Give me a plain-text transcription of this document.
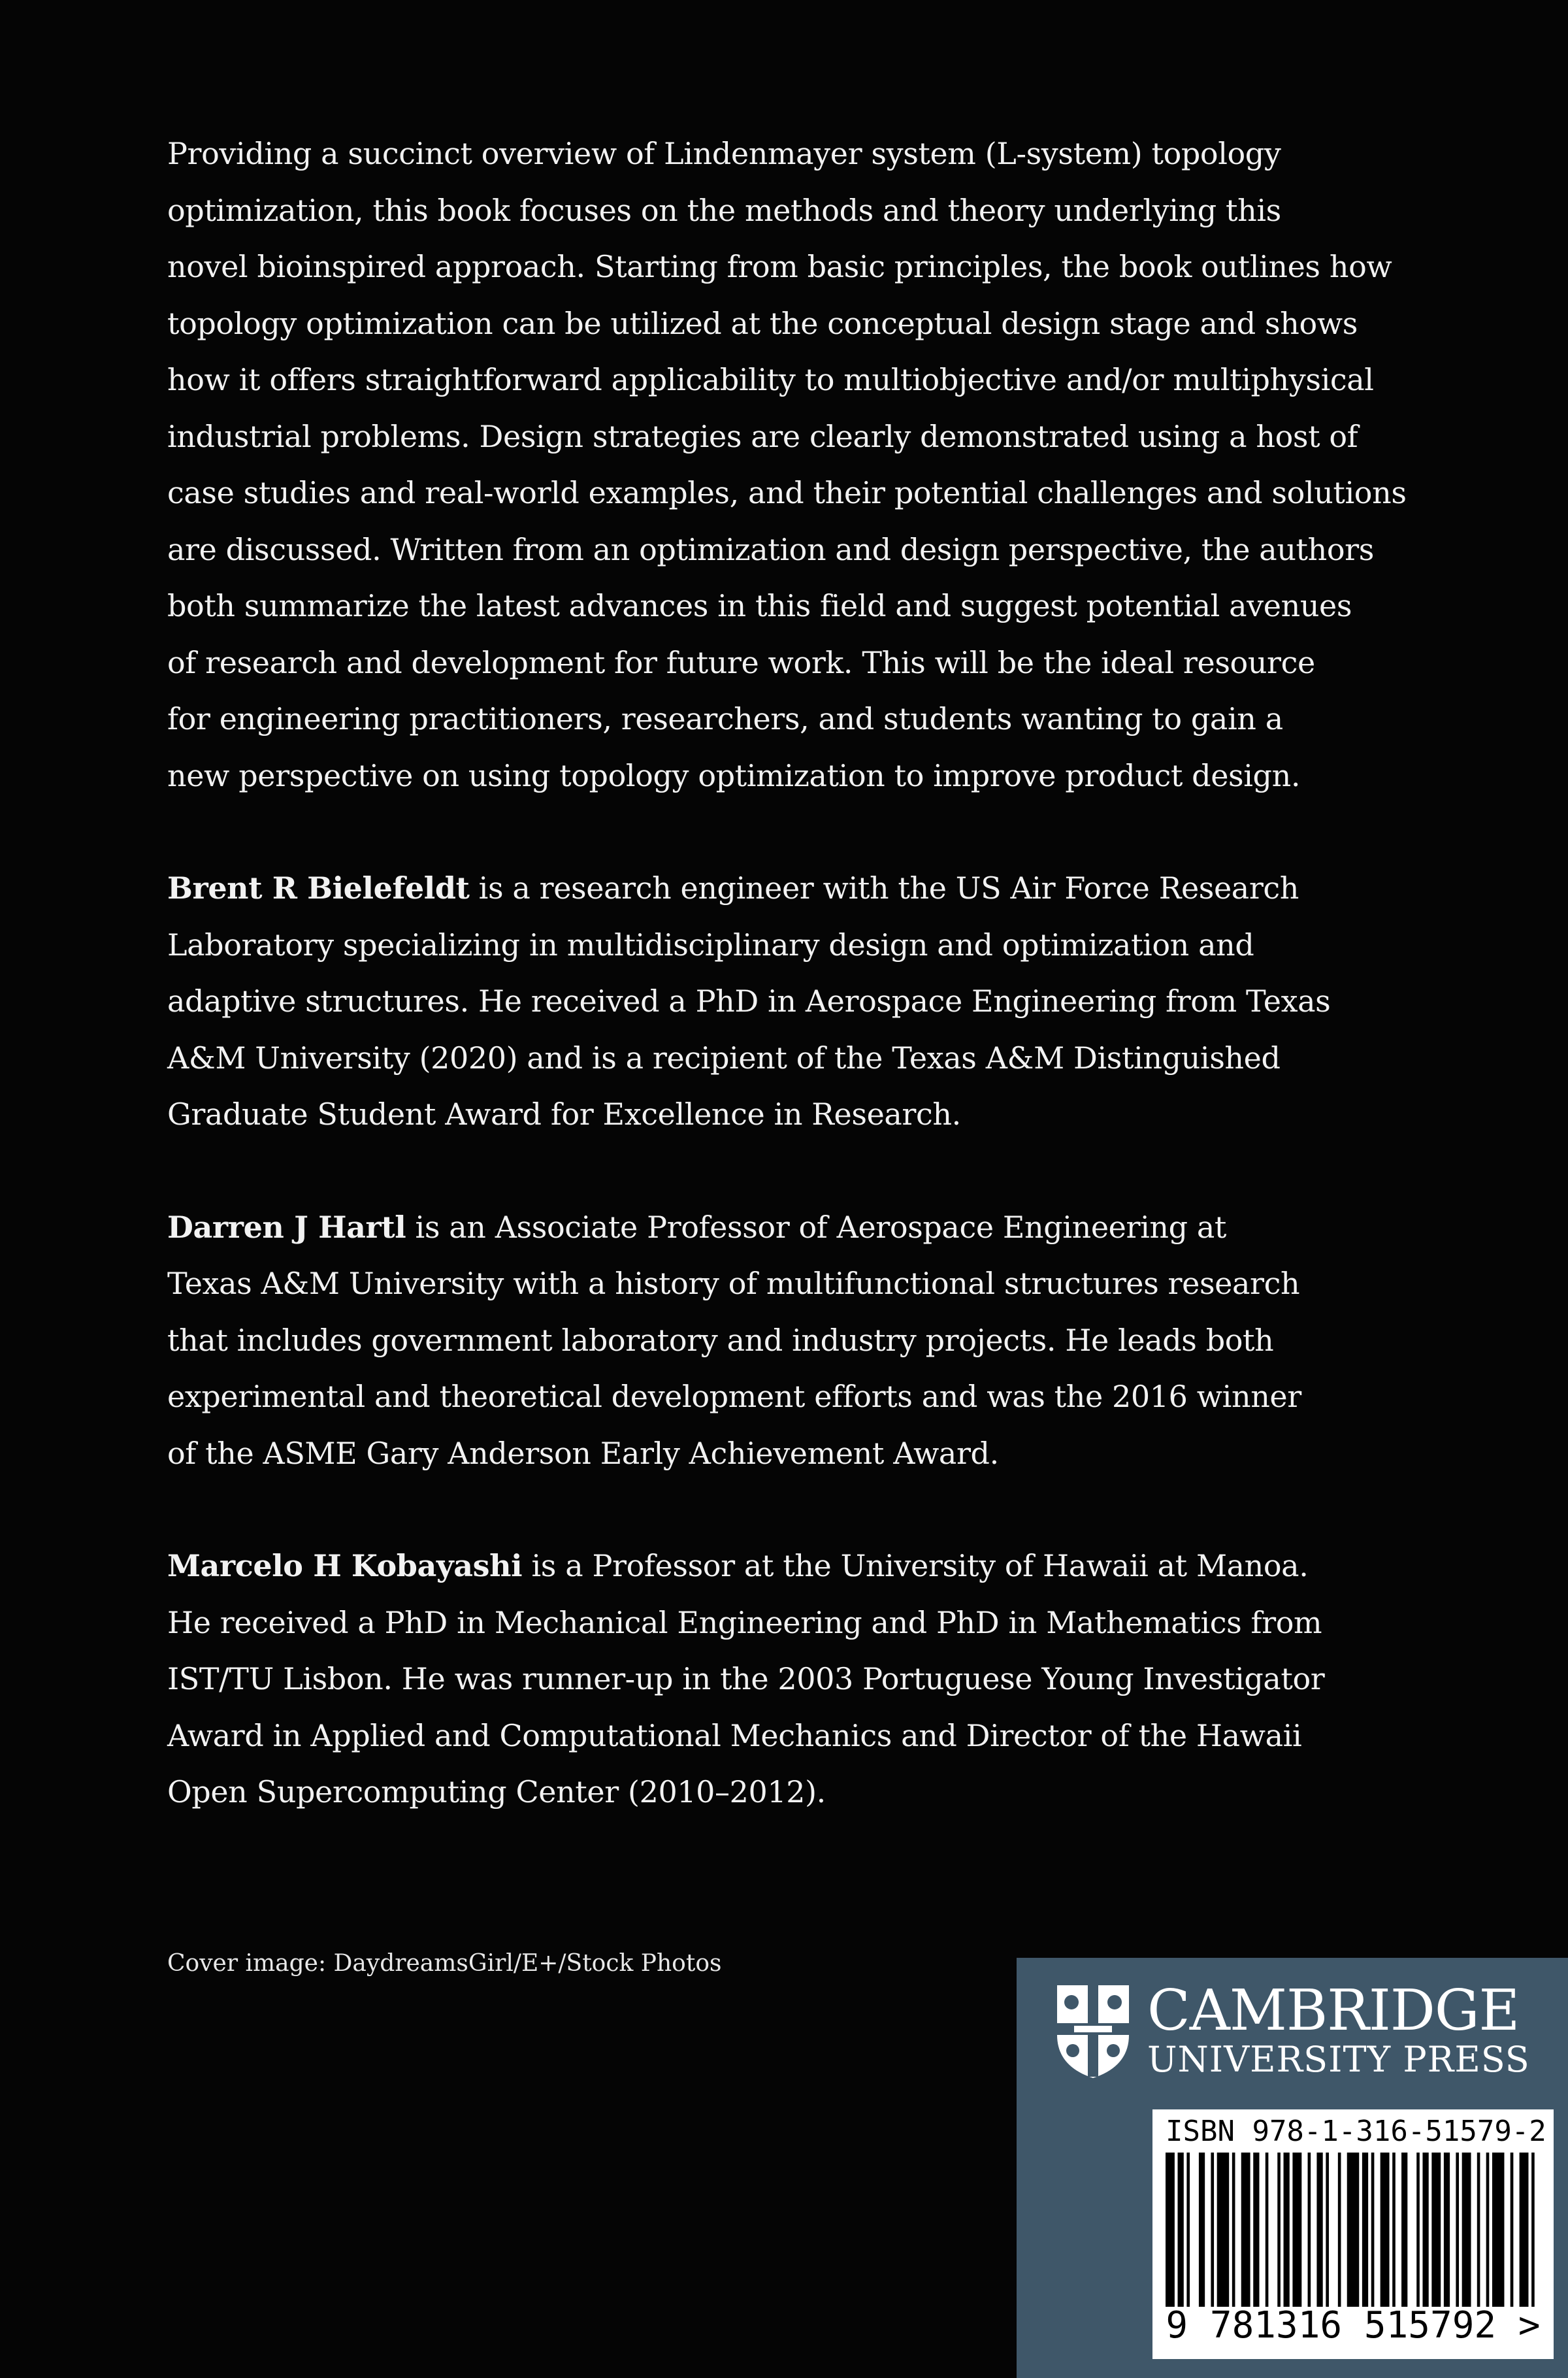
Providing a succinct overview of Lindenmayer system (L-system) topology
optimization, this book focuses on the methods and theory underlying this
novel bioinspired approach. Starting from basic principles, the book outlines how
topology optimization can be utilized at the conceptual design stage and shows
how it offers straightforward applicability to multiobjective and/or multiphysical
industrial problems. Design strategies are clearly demonstrated using a host of
case studies and real-world examples, and their potential challenges and solutions
are discussed. Written from an optimization and design perspective, the authors
both summarize the latest advances in this field and suggest potential avenues
of research and development for future work. This will be the ideal resource
for engineering practitioners, researchers, and students wanting to gain a
new perspective on using topology optimization to improve product design.

Brent R Bielefeldt is a research engineer with the US Air Force Research
Laboratory specializing in multidisciplinary design and optimization and
adaptive structures. He received a PhD in Aerospace Engineering from Texas
A&M University (2020) and is a recipient of the Texas A&M Distinguished
Graduate Student Award for Excellence in Research.

Darren J Hartl is an Associate Professor of Aerospace Engineering at
Texas A&M University with a history of multifunctional structures research
that includes government laboratory and industry projects. He leads both
experimental and theoretical development efforts and was the 2016 winner
of the ASME Gary Anderson Early Achievement Award.

Marcelo H Kobayashi is a Professor at the University of Hawaii at Manoa.
He received a PhD in Mechanical Engineering and PhD in Mathematics from
IST/TU Lisbon. He was runner-up in the 2003 Portuguese Young Investigator
Award in Applied and Computational Mechanics and Director of the Hawaii
Open Supercomputing Center (2010–2012).

Cover image: DaydreamsGirl/E+/Stock Photos
CAMBRIDGE
UNIVERSITY PRESS
ISBN 978-1-316-51579-2
9 781316 515792 >
